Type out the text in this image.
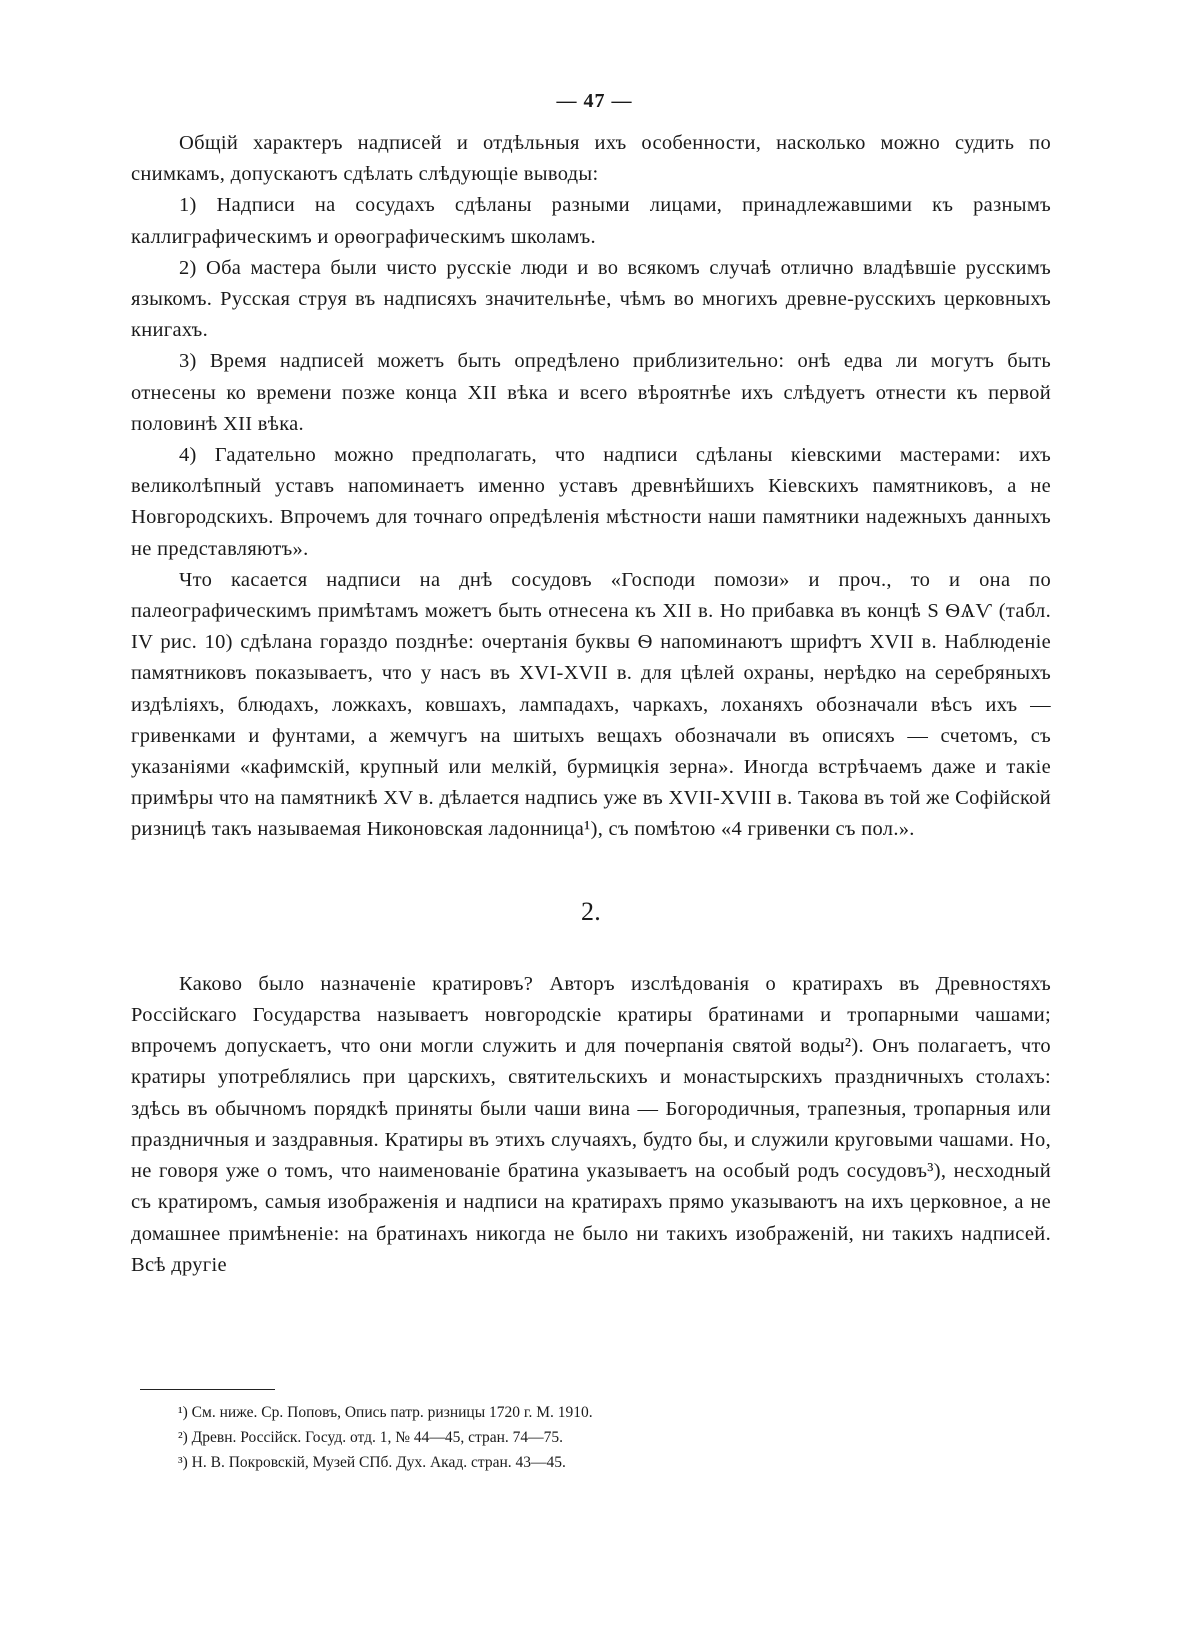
— 47 —

Общiй характеръ надписей и отдѣльныя ихъ особенности, насколько можно судить по снимкамъ, допускаютъ сдѣлать слѣдующiе выводы:

1) Надписи на сосудахъ сдѣланы разными лицами, принадлежавшими къ разнымъ каллиграфическимъ и орѳографическимъ школамъ.

2) Оба мастера были чисто русскiе люди и во всякомъ случаѣ отлично владѣвшiе русскимъ языкомъ. Русская струя въ надписяхъ значительнѣе, чѣмъ во многихъ древне-русскихъ церковныхъ книгахъ.

3) Время надписей можетъ быть опредѣлено приблизительно: онѣ едва ли могутъ быть отнесены ко времени позже конца XII вѣка и всего вѣроятнѣе ихъ слѣдуетъ отнести къ первой половинѣ XII вѣка.

4) Гадательно можно предполагать, что надписи сдѣланы кiевскими мастерами: ихъ великолѣпный уставъ напоминаетъ именно уставъ древнѣйшихъ Кiевскихъ памятниковъ, а не Новгородскихъ. Впрочемъ для точнаго опредѣленiя мѣстности наши памятники надежныхъ данныхъ не представляютъ».

Что касается надписи на днѣ сосудовъ «Господи помози» и проч., то и она по палеографическимъ примѣтамъ можетъ быть отнесена къ XII в. Но прибавка въ концѣ S ѲѦѴ (табл. IV рис. 10) сдѣлана гораздо позднѣе: очертанiя буквы Ѳ напоминаютъ шрифтъ XVII в. Наблюденiе памятниковъ показываетъ, что у насъ въ XVI-XVII в. для цѣлей охраны, нерѣдко на серебряныхъ издѣлiяхъ, блюдахъ, ложкахъ, ковшахъ, лампадахъ, чаркахъ, лоханяхъ обозначали вѣсъ ихъ — гривенками и фунтами, а жемчугъ на шитыхъ вещахъ обозначали въ описяхъ — счетомъ, съ указанiями «кафимскiй, крупный или мелкiй, бурмицкiя зерна». Иногда встрѣчаемъ даже и такiе примѣры что на памятникѣ XV в. дѣлается надпись уже въ XVII-XVIII в. Такова въ той же Софiйской ризницѣ такъ называемая Никоновская ладонница¹), съ помѣтою «4 гривенки съ пол.».

2.

Каково было назначенiе кратировъ? Авторъ изслѣдованiя о кратирахъ въ Древностяхъ Россiйскаго Государства называетъ новгородскiе кратиры братинами и тропарными чашами; впрочемъ допускаетъ, что они могли служить и для почерпанiя святой воды²). Онъ полагаетъ, что кратиры употреблялись при царскихъ, святительскихъ и монастырскихъ праздничныхъ столахъ: здѣсь въ обычномъ порядкѣ приняты были чаши вина — Богородичныя, трапезныя, тропарныя или праздничныя и заздравныя. Кратиры въ этихъ случаяхъ, будто бы, и служили круговыми чашами. Но, не говоря уже о томъ, что наименованiе братина указываетъ на особый родъ сосудовъ³), несходный съ кратиромъ, самыя изображенiя и надписи на кратирахъ прямо указываютъ на ихъ церковное, а не домашнее примѣненiе: на братинахъ никогда не было ни такихъ изображенiй, ни такихъ надписей. Всѣ другiе

¹) См. ниже. Ср. Поповъ, Опись патр. ризницы 1720 г. М. 1910.
²) Древн. Россiйск. Госуд. отд. 1, № 44—45, стран. 74—75.
³) Н. В. Покровскiй, Музей СПб. Дух. Акад. стран. 43—45.
